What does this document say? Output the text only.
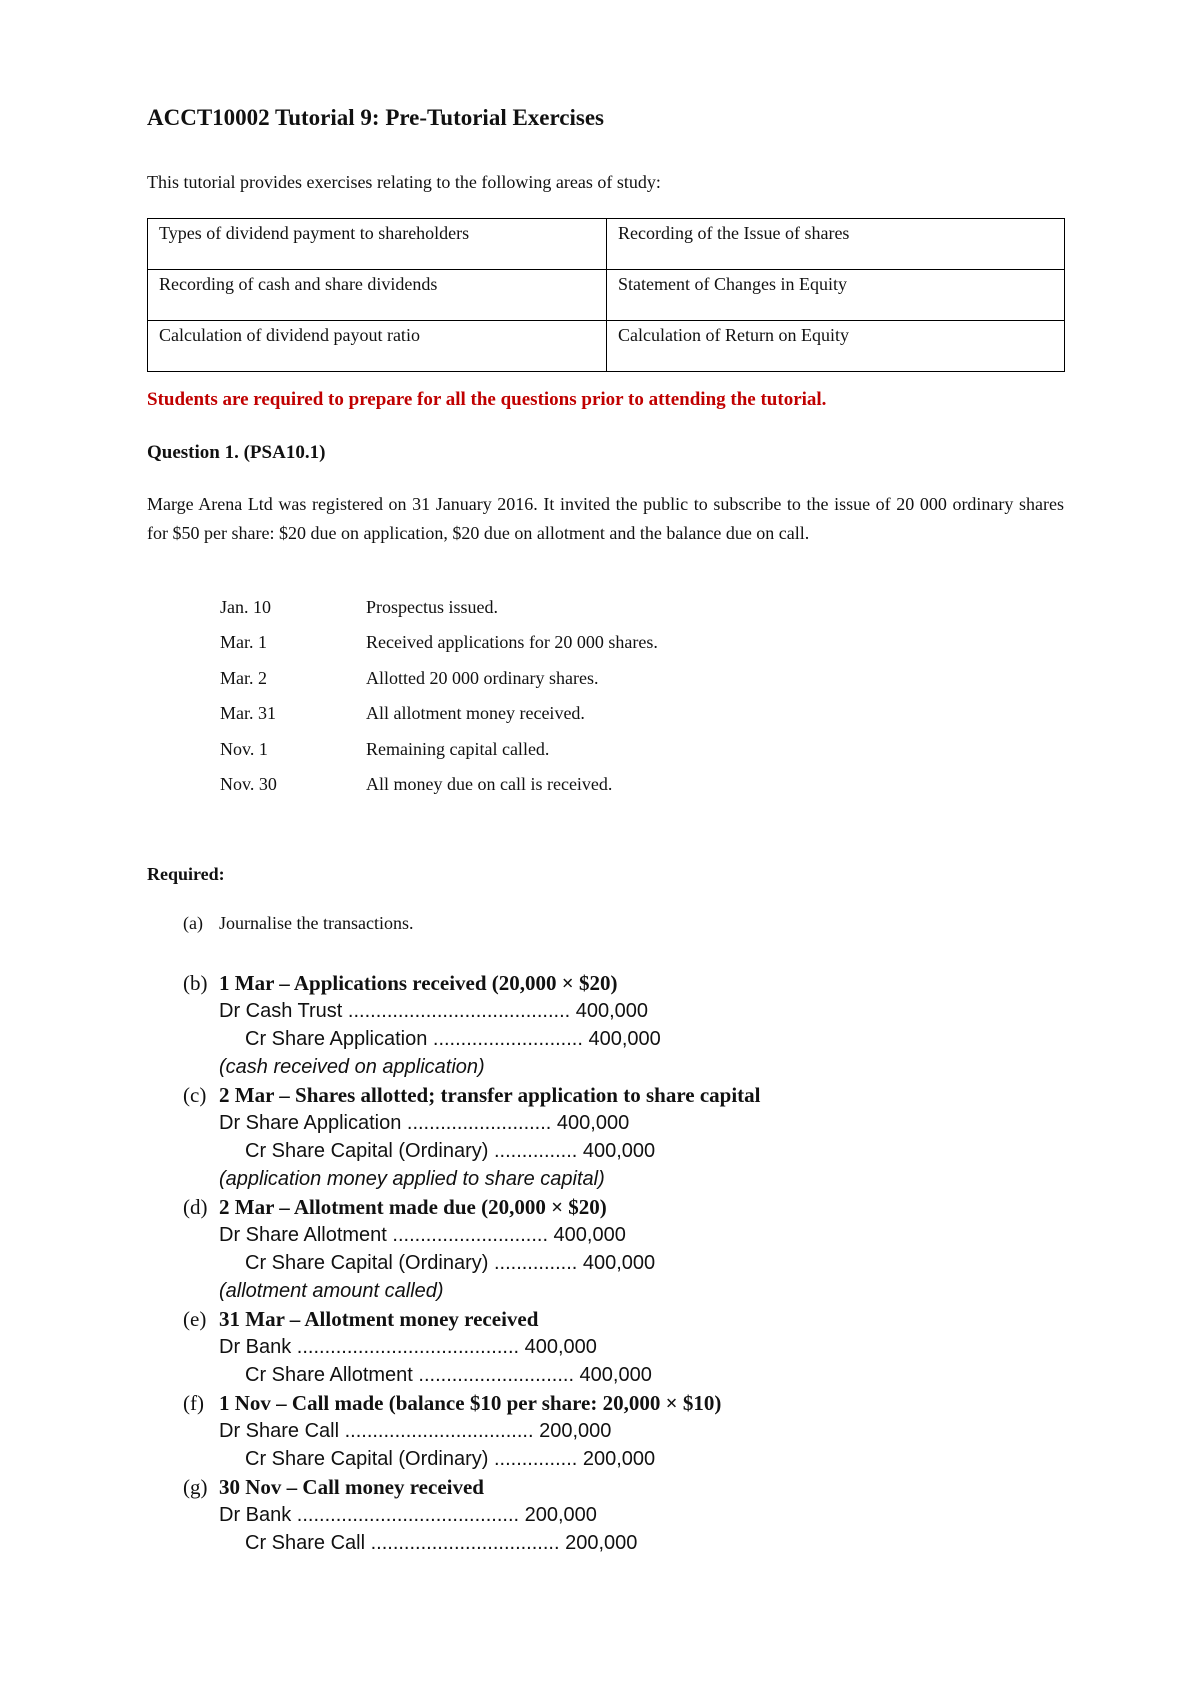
ACCT10002 Tutorial 9: Pre-Tutorial Exercises

This tutorial provides exercises relating to the following areas of study:

Types of dividend payment to shareholders	Recording of the Issue of shares
Recording of cash and share dividends	Statement of Changes in Equity
Calculation of dividend payout ratio	Calculation of Return on Equity

Students are required to prepare for all the questions prior to attending the tutorial.

Question 1. (PSA10.1)

Marge Arena Ltd was registered on 31 January 2016. It invited the public to subscribe to the issue of 20 000 ordinary shares for $50 per share: $20 due on application, $20 due on allotment and the balance due on call.

Jan. 10	Prospectus issued.
Mar. 1	Received applications for 20 000 shares.
Mar. 2	Allotted 20 000 ordinary shares.
Mar. 31	All allotment money received.
Nov. 1	Remaining capital called.
Nov. 30	All money due on call is received.

Required:

(a) Journalise the transactions.
(b) 1 Mar – Applications received (20,000 × $20)
Dr Cash Trust ........................................ 400,000
Cr Share Application ........................... 400,000
(cash received on application)
(c) 2 Mar – Shares allotted; transfer application to share capital
Dr Share Application .......................... 400,000
Cr Share Capital (Ordinary) ............... 400,000
(application money applied to share capital)
(d) 2 Mar – Allotment made due (20,000 × $20)
Dr Share Allotment ............................ 400,000
Cr Share Capital (Ordinary) ............... 400,000
(allotment amount called)
(e) 31 Mar – Allotment money received
Dr Bank ........................................ 400,000
Cr Share Allotment ............................ 400,000
(f) 1 Nov – Call made (balance $10 per share: 20,000 × $10)
Dr Share Call .................................. 200,000
Cr Share Capital (Ordinary) ............... 200,000
(g) 30 Nov – Call money received
Dr Bank ........................................ 200,000
Cr Share Call .................................. 200,000
